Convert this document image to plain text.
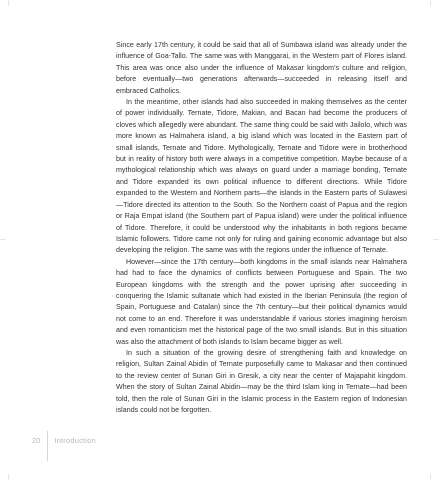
Since early 17th century, it could be said that all of Sumbawa island was already under the influence of Goa-Tallo. The same was with Manggarai, in the Western part of Flores island. This area was once also under the influence of Makasar kingdom's culture and religion, before eventually—two generations afterwards—succeeded in releasing itself and embraced Catholics.

In the meantime, other islands had also succeeded in making themselves as the center of power individually. Ternate, Tidore, Makian, and Bacan had become the producers of cloves which allegedly were abundant. The same thing could be said with Jailolo, which was more known as Halmahera island, a big island which was located in the Eastern part of small islands, Ternate and Tidore. Mythologically, Ternate and Tidore were in brotherhood but in reality of history both were always in a competitive competition. Maybe because of a mythological relationship which was always on guard under a marriage bonding, Ternate and Tidore expanded its own political influence to different directions. While Tidore expanded to the Western and Northern parts—the islands in the Eastern parts of Sulawesi—Tidore directed its attention to the South. So the Northern coast of Papua and the region or Raja Empat island (the Southern part of Papua island) were under the political influence of Tidore. Therefore, it could be understood why the inhabitants in both regions became Islamic followers. Tidore came not only for ruling and gaining economic advantage but also developing the religion. The same was with the regions under the influence of Ternate.

However—since the 17th century—both kingdoms in the small islands near Halmahera had had to face the dynamics of conflicts between Portuguese and Spain. The two European kingdoms with the strength and the power uprising after succeeding in conquering the Islamic sultanate which had existed in the Iberian Peninsula (the region of Spain, Portuguese and Catalan) since the 7th century—but their political dynamics would not come to an end. Therefore it was understandable if various stories imagining heroism and even romanticism met the historical page of the two small islands. But in this situation was also the attachment of both islands to Islam became bigger as well.

In such a situation of the growing desire of strengthening faith and knowledge on religion, Sultan Zainal Abidin of Ternate purposefully came to Makasar and then continued to the review center of Sunan Giri in Gresik, a city near the center of Majapahit kingdom. When the story of Sultan Zainal Abidin—may be the third Islam king in Ternate—had been told, then the role of Sunan Giri in the Islamic process in the Eastern region of Indonesian islands could not be forgotten.

20 Introduction
